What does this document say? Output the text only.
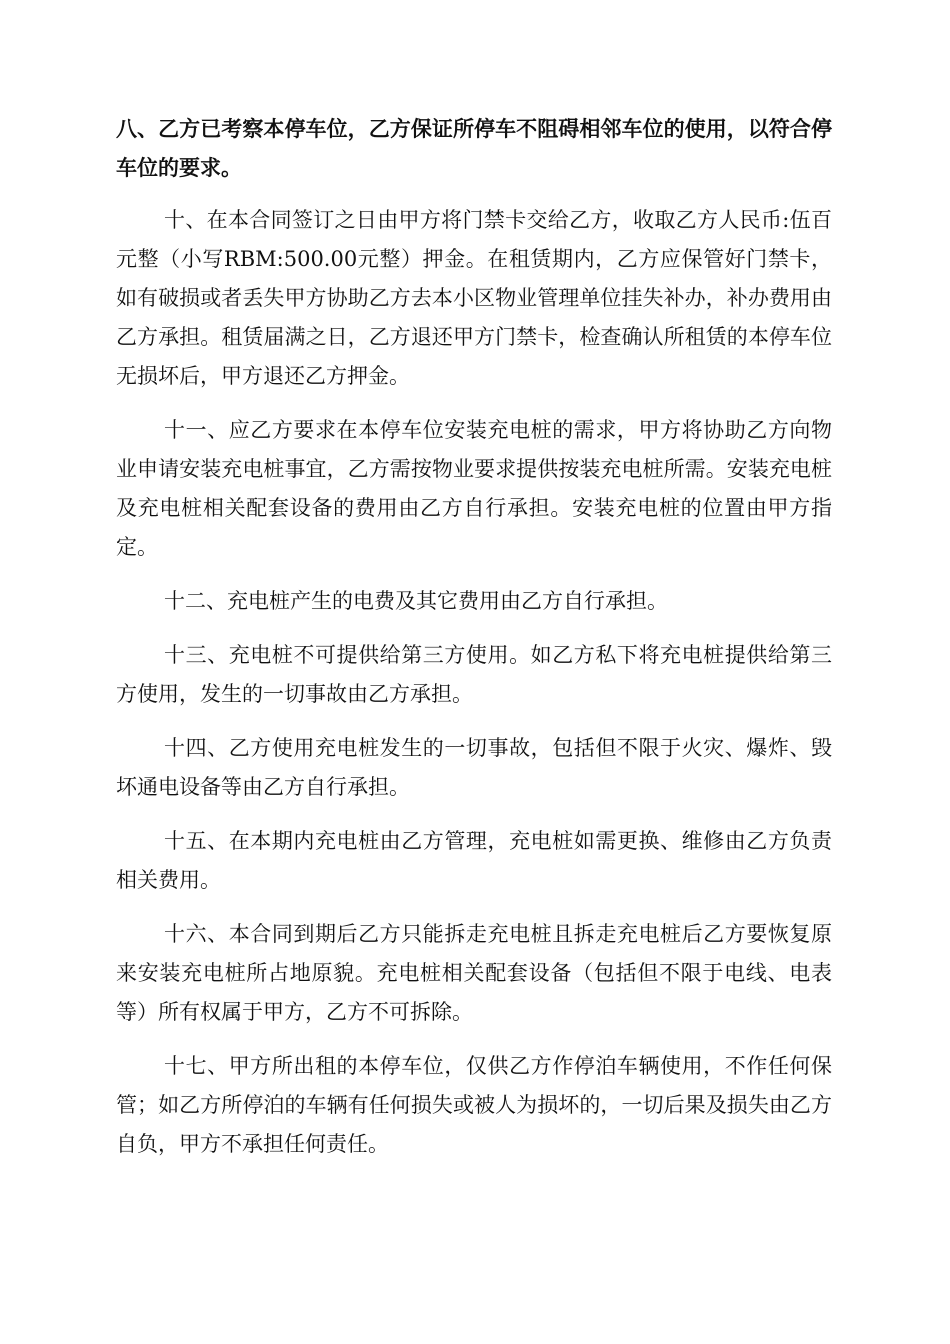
八、乙方已考察本停车位，乙方保证所停车不阻碍相邻车位的使用，以符合停车位的要求。

十、在本合同签订之日由甲方将门禁卡交给乙方，收取乙方人民币:伍百元整（小写RBM:500.00元整）押金。在租赁期内，乙方应保管好门禁卡，如有破损或者丢失甲方协助乙方去本小区物业管理单位挂失补办，补办费用由乙方承担。租赁届满之日，乙方退还甲方门禁卡，检查确认所租赁的本停车位无损坏后，甲方退还乙方押金。

十一、应乙方要求在本停车位安装充电桩的需求，甲方将协助乙方向物业申请安装充电桩事宜，乙方需按物业要求提供按装充电桩所需。安装充电桩及充电桩相关配套设备的费用由乙方自行承担。安装充电桩的位置由甲方指定。

十二、充电桩产生的电费及其它费用由乙方自行承担。

十三、充电桩不可提供给第三方使用。如乙方私下将充电桩提供给第三方使用，发生的一切事故由乙方承担。

十四、乙方使用充电桩发生的一切事故，包括但不限于火灾、爆炸、毁坏通电设备等由乙方自行承担。

十五、在本期内充电桩由乙方管理，充电桩如需更换、维修由乙方负责相关费用。

十六、本合同到期后乙方只能拆走充电桩且拆走充电桩后乙方要恢复原来安装充电桩所占地原貌。充电桩相关配套设备（包括但不限于电线、电表等）所有权属于甲方，乙方不可拆除。

十七、甲方所出租的本停车位，仅供乙方作停泊车辆使用，不作任何保管；如乙方所停泊的车辆有任何损失或被人为损坏的，一切后果及损失由乙方自负，甲方不承担任何责任。
